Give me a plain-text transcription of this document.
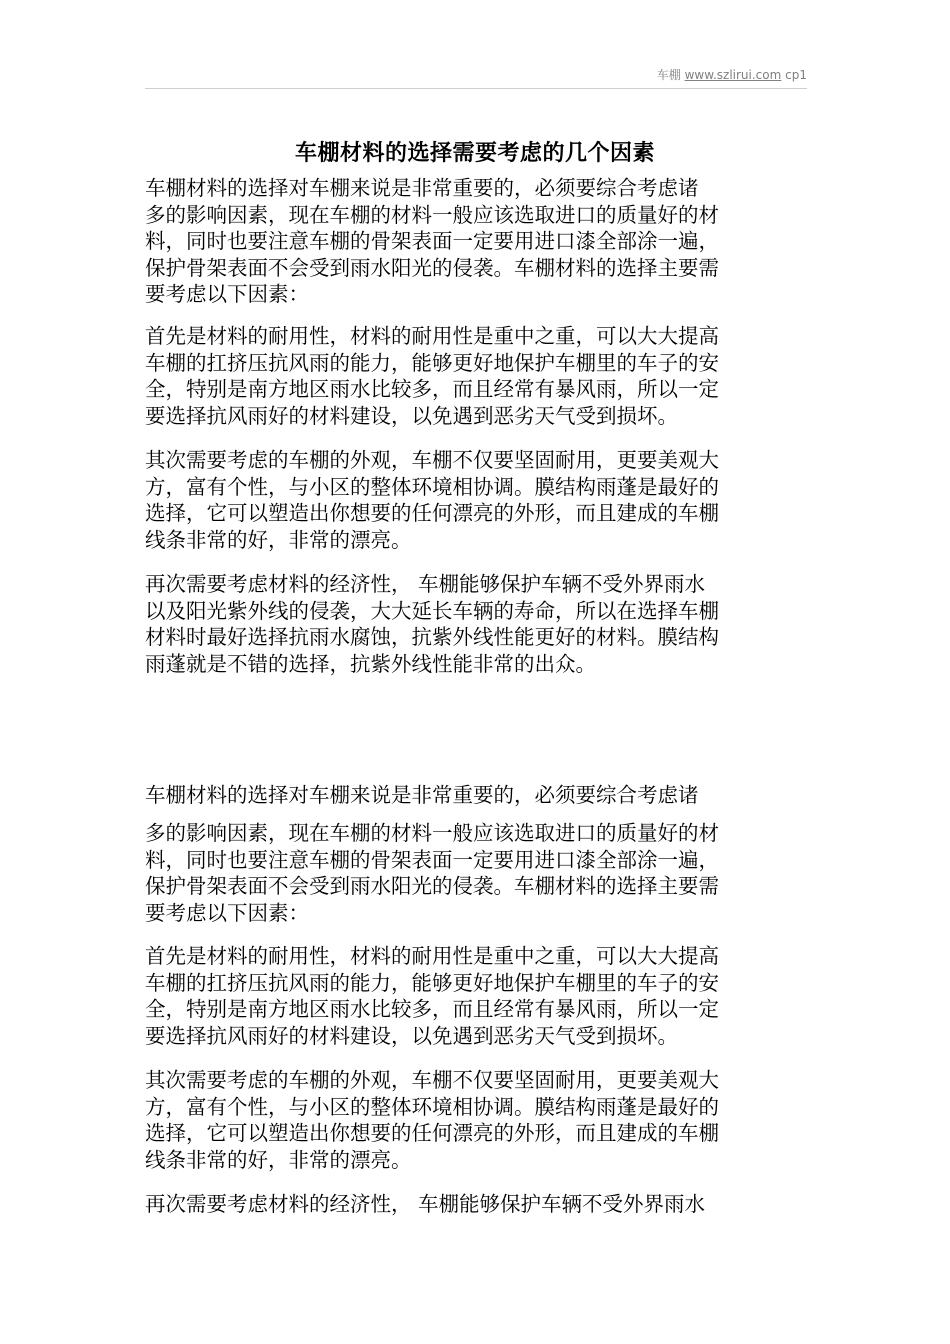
车棚 www.szlirui.com cp1
车棚材料的选择需要考虑的几个因素

车棚材料的选择对车棚来说是非常重要的，必须要综合考虑诸
多的影响因素，现在车棚的材料一般应该选取进口的质量好的材
料，同时也要注意车棚的骨架表面一定要用进口漆全部涂一遍，
保护骨架表面不会受到雨水阳光的侵袭。车棚材料的选择主要需
要考虑以下因素：

首先是材料的耐用性，材料的耐用性是重中之重，可以大大提高
车棚的扛挤压抗风雨的能力，能够更好地保护车棚里的车子的安
全，特别是南方地区雨水比较多，而且经常有暴风雨，所以一定
要选择抗风雨好的材料建设，以免遇到恶劣天气受到损坏。

其次需要考虑的车棚的外观，车棚不仅要坚固耐用，更要美观大
方，富有个性，与小区的整体环境相协调。膜结构雨蓬是最好的
选择，它可以塑造出你想要的任何漂亮的外形，而且建成的车棚
线条非常的好，非常的漂亮。

再次需要考虑材料的经济性， 车棚能够保护车辆不受外界雨水
以及阳光紫外线的侵袭，大大延长车辆的寿命，所以在选择车棚
材料时最好选择抗雨水腐蚀，抗紫外线性能更好的材料。膜结构
雨蓬就是不错的选择，抗紫外线性能非常的出众。

车棚材料的选择对车棚来说是非常重要的，必须要综合考虑诸

多的影响因素，现在车棚的材料一般应该选取进口的质量好的材
料，同时也要注意车棚的骨架表面一定要用进口漆全部涂一遍，
保护骨架表面不会受到雨水阳光的侵袭。车棚材料的选择主要需
要考虑以下因素：

首先是材料的耐用性，材料的耐用性是重中之重，可以大大提高
车棚的扛挤压抗风雨的能力，能够更好地保护车棚里的车子的安
全，特别是南方地区雨水比较多，而且经常有暴风雨，所以一定
要选择抗风雨好的材料建设，以免遇到恶劣天气受到损坏。

其次需要考虑的车棚的外观，车棚不仅要坚固耐用，更要美观大
方，富有个性，与小区的整体环境相协调。膜结构雨蓬是最好的
选择，它可以塑造出你想要的任何漂亮的外形，而且建成的车棚
线条非常的好，非常的漂亮。

再次需要考虑材料的经济性， 车棚能够保护车辆不受外界雨水
